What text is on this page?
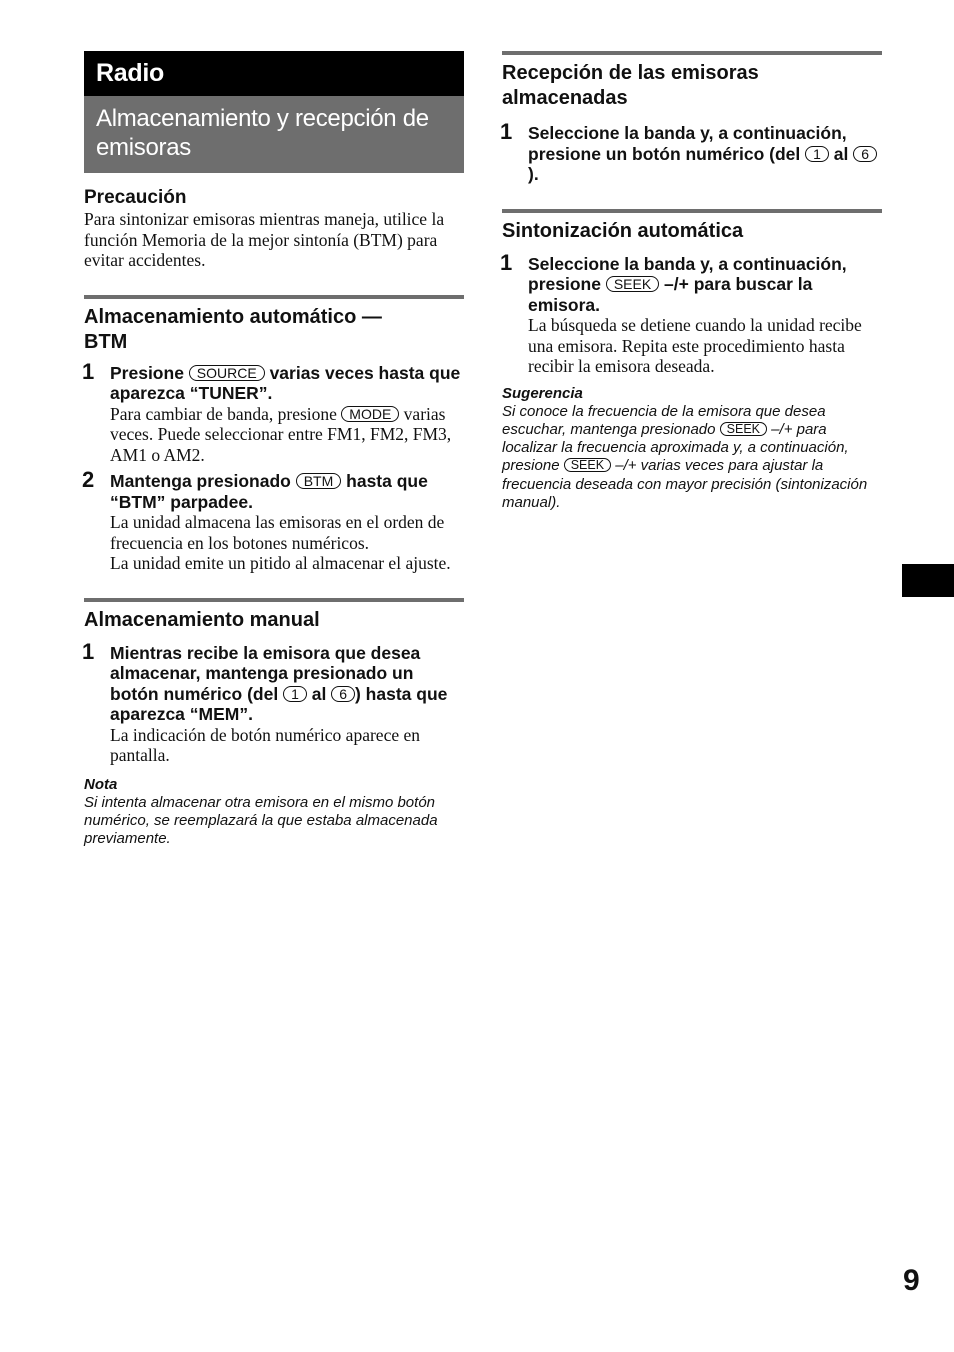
Radio
Almacenamiento y recepción de emisoras
Precaución
Para sintonizar emisoras mientras maneja, utilice la función Memoria de la mejor sintonía (BTM) para evitar accidentes.
Almacenamiento automático — BTM
1 Presione SOURCE varias veces hasta que aparezca “TUNER”.
Para cambiar de banda, presione MODE varias veces. Puede seleccionar entre FM1, FM2, FM3, AM1 o AM2.
2 Mantenga presionado BTM hasta que “BTM” parpadee.
La unidad almacena las emisoras en el orden de frecuencia en los botones numéricos.
La unidad emite un pitido al almacenar el ajuste.
Almacenamiento manual
1 Mientras recibe la emisora que desea almacenar, mantenga presionado un botón numérico (del 1 al 6 ) hasta que aparezca “MEM”.
La indicación de botón numérico aparece en pantalla.
Nota
Si intenta almacenar otra emisora en el mismo botón numérico, se reemplazará la que estaba almacenada previamente.
Recepción de las emisoras almacenadas
1 Seleccione la banda y, a continuación, presione un botón numérico (del 1 al 6).
Sintonización automática
1 Seleccione la banda y, a continuación, presione SEEK –/+ para buscar la emisora.
La búsqueda se detiene cuando la unidad recibe una emisora. Repita este procedimiento hasta recibir la emisora deseada.
Sugerencia
Si conoce la frecuencia de la emisora que desea escuchar, mantenga presionado SEEK –/+ para localizar la frecuencia aproximada y, a continuación, presione SEEK –/+ varias veces para ajustar la frecuencia deseada con mayor precisión (sintonización manual).
9
